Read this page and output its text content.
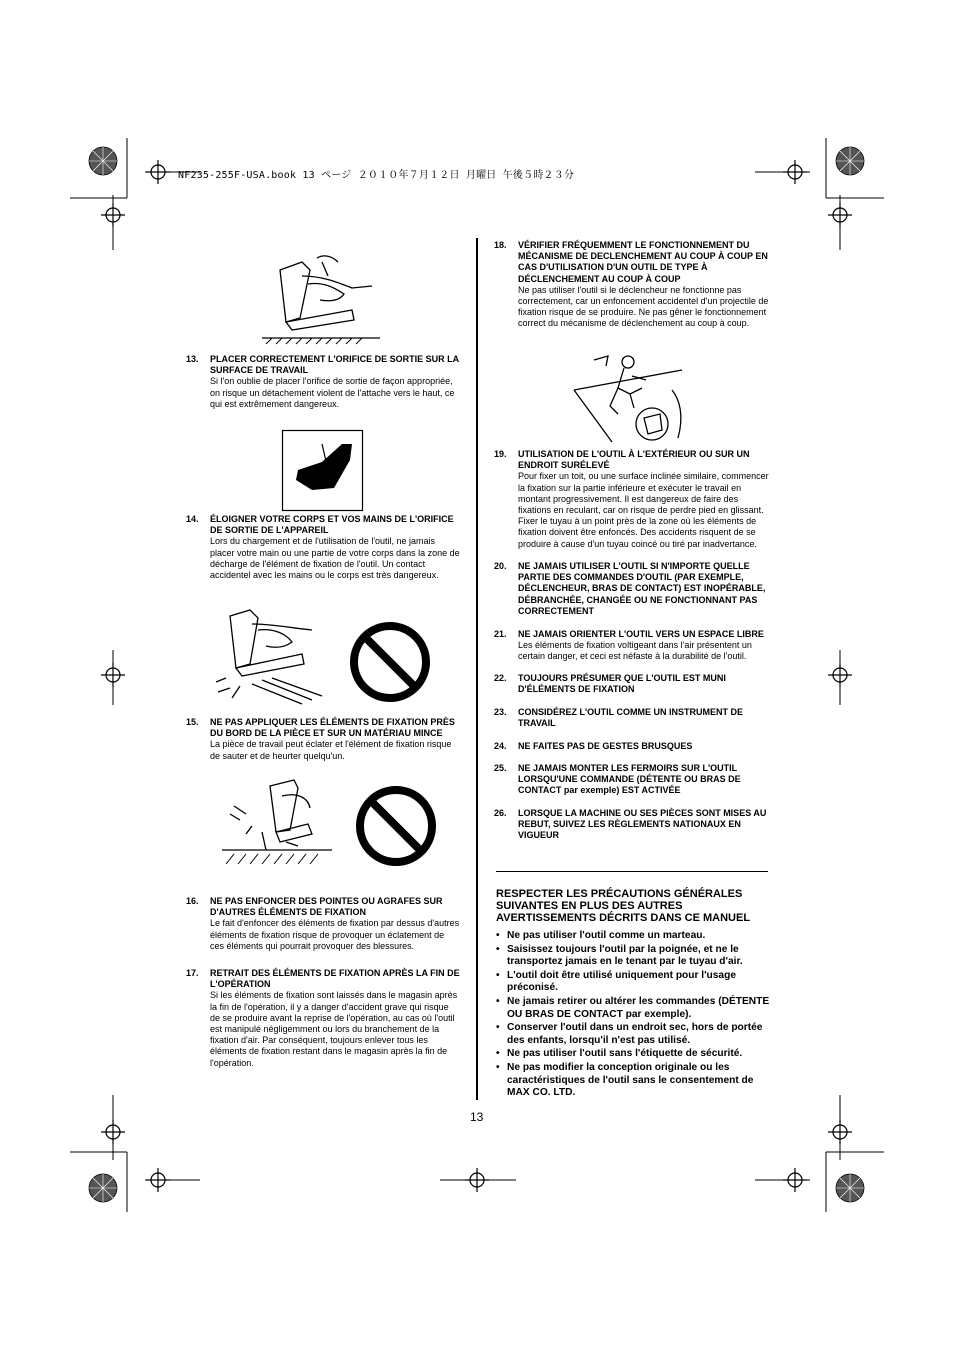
NF235-255F-USA.book 13 ページ ２０１０年７月１２日 月曜日 午後５時２３分
13. PLACER CORRECTEMENT L'ORIFICE DE SORTIE SUR LA SURFACE DE TRAVAIL
Si l'on oublie de placer l'orifice de sortie de façon appropriée, on risque un détachement violent de l'attache vers le haut, ce qui est extrêmement dangereux.
14. ÉLOIGNER VOTRE CORPS ET VOS MAINS DE L'ORIFICE DE SORTIE DE L'APPAREIL
Lors du chargement et de l'utilisation de l'outil, ne jamais placer votre main ou une partie de votre corps dans la zone de décharge de l'élément de fixation de l'outil. Un contact accidentel avec les mains ou le corps est très dangereux.
15. NE PAS APPLIQUER LES ÉLÉMENTS DE FIXATION PRÈS DU BORD DE LA PIÈCE ET SUR UN MATÉRIAU MINCE
La pièce de travail peut éclater et l'élément de fixation risque de sauter et de heurter quelqu'un.
16. NE PAS ENFONCER DES POINTES OU AGRAFES SUR D'AUTRES ÉLÉMENTS DE FIXATION
Le fait d'enfoncer des éléments de fixation par dessus d'autres éléments de fixation risque de provoquer un éclatement de ces éléments qui pourrait provoquer des blessures.
17. RETRAIT DES ÉLÉMENTS DE FIXATION APRÈS LA FIN DE L'OPÉRATION
Si les éléments de fixation sont laissés dans le magasin après la fin de l'opération, il y a danger d'accident grave qui risque de se produire avant la reprise de l'opération, au cas où l'outil est manipulé négligemment ou lors du branchement de la fixation d'air. Par conséquent, toujours enlever tous les éléments de fixation restant dans le magasin après la fin de l'opération.
18. VÉRIFIER FRÉQUEMMENT LE FONCTIONNEMENT DU MÉCANISME DE DECLENCHEMENT AU COUP À COUP EN CAS D'UTILISATION D'UN OUTIL DE TYPE À DÉCLENCHEMENT AU COUP À COUP
Ne pas utiliser l'outil si le déclencheur ne fonctionne pas correctement, car un enfoncement accidentel d'un projectile de fixation risque de se produire. Ne pas gêner le fonctionnement correct du mécanisme de déclenchement au coup à coup.
19. UTILISATION DE L'OUTIL À L'EXTÉRIEUR OU SUR UN ENDROIT SURÉLEVÉ
Pour fixer un toit, ou une surface inclinée similaire, commencer la fixation sur la partie inférieure et exécuter le travail en montant progressivement. Il est dangereux de faire des fixations en reculant, car on risque de perdre pied en glissant. Fixer le tuyau à un point près de la zone où les éléments de fixation doivent être enfoncés. Des accidents risquent de se produire à cause d'un tuyau coincé ou tiré par inadvertance.
20. NE JAMAIS UTILISER L'OUTIL SI N'IMPORTE QUELLE PARTIE DES COMMANDES D'OUTIL (PAR EXEMPLE, DÉCLENCHEUR, BRAS DE CONTACT) EST INOPÉRABLE, DÉBRANCHÉE, CHANGÉE OU NE FONCTIONNANT PAS CORRECTEMENT
21. NE JAMAIS ORIENTER L'OUTIL VERS UN ESPACE LIBRE
Les éléments de fixation voltigeant dans l'air présentent un certain danger, et ceci est néfaste à la durabilité de l'outil.
22. TOUJOURS PRÉSUMER QUE L'OUTIL EST MUNI D'ÉLÉMENTS DE FIXATION
23. CONSIDÉREZ L'OUTIL COMME UN INSTRUMENT DE TRAVAIL
24. NE FAITES PAS DE GESTES BRUSQUES
25. NE JAMAIS MONTER LES FERMOIRS SUR L'OUTIL LORSQU'UNE COMMANDE (DÉTENTE OU BRAS DE CONTACT par exemple) EST ACTIVÉE
26. LORSQUE LA MACHINE OU SES PIÈCES SONT MISES AU REBUT, SUIVEZ LES RÈGLEMENTS NATIONAUX EN VIGUEUR
RESPECTER LES PRÉCAUTIONS GÉNÉRALES SUIVANTES EN PLUS DES AUTRES AVERTISSEMENTS DÉCRITS DANS CE MANUEL
• Ne pas utiliser l'outil comme un marteau.
• Saisissez toujours l'outil par la poignée, et ne le transportez jamais en le tenant par le tuyau d'air.
• L'outil doit être utilisé uniquement pour l'usage préconisé.
• Ne jamais retirer ou altérer les commandes (DÉTENTE OU BRAS DE CONTACT par exemple).
• Conserver l'outil dans un endroit sec, hors de portée des enfants, lorsqu'il n'est pas utilisé.
• Ne pas utiliser l'outil sans l'étiquette de sécurité.
• Ne pas modifier la conception originale ou les caractéristiques de l'outil sans le consentement de MAX CO. LTD.
13
